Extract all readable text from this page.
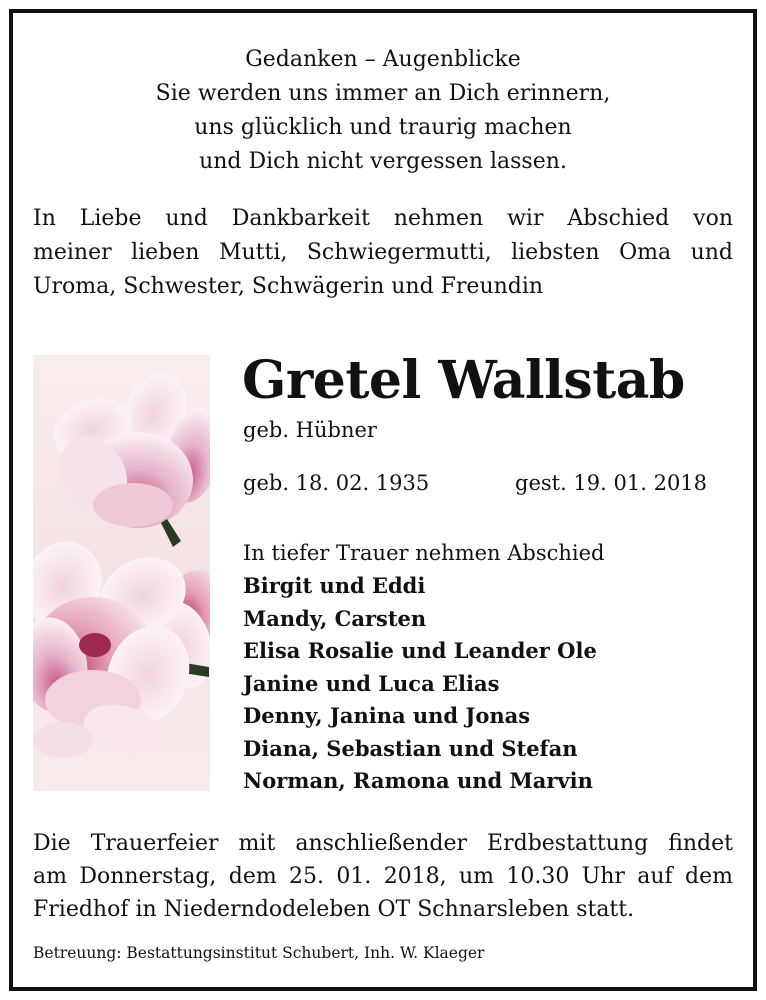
Gedanken – Augenblicke
Sie werden uns immer an Dich erinnern,
uns glücklich und traurig machen
und Dich nicht vergessen lassen.
In Liebe und Dankbarkeit nehmen wir Abschied von
meiner lieben Mutti, Schwiegermutti, liebsten Oma und
Uroma, Schwester, Schwägerin und Freundin
Gretel Wallstab
geb. Hübner
geb. 18. 02. 1935	gest. 19. 01. 2018
In tiefer Trauer nehmen Abschied
Birgit und Eddi
Mandy, Carsten
Elisa Rosalie und Leander Ole
Janine und Luca Elias
Denny, Janina und Jonas
Diana, Sebastian und Stefan
Norman, Ramona und Marvin
Die Trauerfeier mit anschließender Erdbestattung findet
am Donnerstag, dem 25. 01. 2018, um 10.30 Uhr auf dem
Friedhof in Niederndodeleben OT Schnarsleben statt.
Betreuung: Bestattungsinstitut Schubert, Inh. W. Klaeger
